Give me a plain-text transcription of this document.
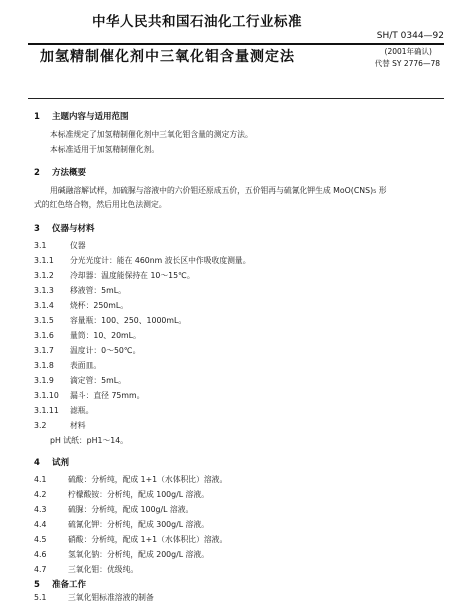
中华人民共和国石油化工行业标准
SH/T 0344—92
加氢精制催化剂中三氧化钼含量测定法	(2001年确认)
代替 SY 2776—78
1 主题内容与适用范围
本标准规定了加氢精制催化剂中三氧化钼含量的测定方法。
本标准适用于加氢精制催化剂。
2 方法概要
用碱融溶解试样，加硫脲与溶液中的六价钼还原成五价，五价钼再与硫氰化钾生成 MoO(CNS)₅ 形
式的红色络合物，然后用比色法测定。
3 仪器与材料
3.1	仪器
3.1.1 分光光度计：能在 460nm 波长区中作吸收度测量。
3.1.2 冷却器：温度能保持在 10～15℃。
3.1.3 移液管：5mL。
3.1.4 烧杯：250mL。
3.1.5 容量瓶：100、250、1000mL。
3.1.6 量筒：10、20mL。
3.1.7 温度计：0～50℃。
3.1.8 表面皿。
3.1.9 滴定管：5mL。
3.1.10 漏斗：直径 75mm。
3.1.11 滤瓶。
3.2	材料
pH 试纸：pH1～14。
4 试剂
4.1	硫酸：分析纯，配成 1+1（水体积比）溶液。
4.2	柠檬酸铵：分析纯，配成 100g/L 溶液。
4.3	硫脲：分析纯，配成 100g/L 溶液。
4.4	硫氰化钾：分析纯，配成 300g/L 溶液。
4.5	硝酸：分析纯，配成 1+1（水体积比）溶液。
4.6	氢氧化钠：分析纯，配成 200g/L 溶液。
4.7	三氧化钼：优级纯。
5 准备工作
5.1	三氧化钼标准溶液的制备
